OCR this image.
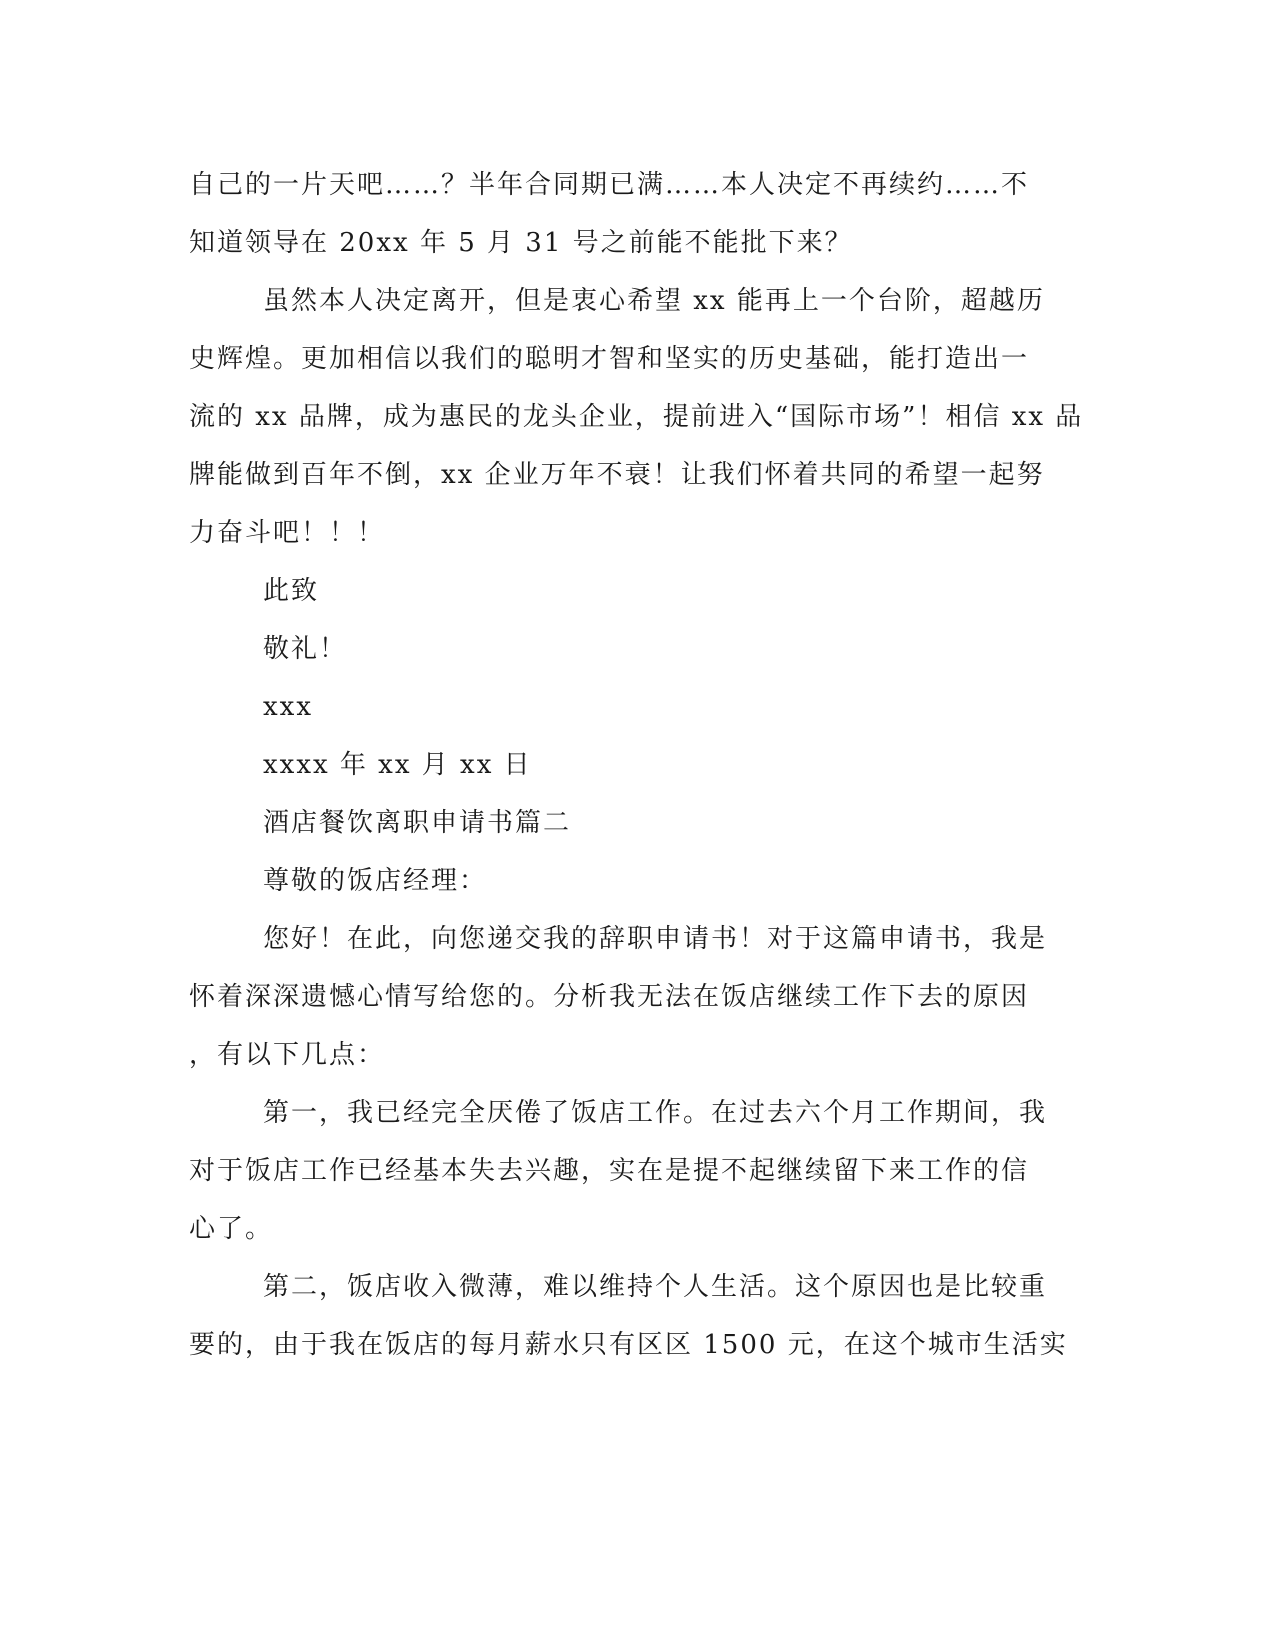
自己的一片天吧……？半年合同期已满……本人决定不再续约……不
知道领导在 20xx 年 5 月 31 号之前能不能批下来？
虽然本人决定离开，但是衷心希望 xx 能再上一个台阶，超越历
史辉煌。更加相信以我们的聪明才智和坚实的历史基础，能打造出一
流的 xx 品牌，成为惠民的龙头企业，提前进入“国际市场”！相信 xx 品
牌能做到百年不倒，xx 企业万年不衰！让我们怀着共同的希望一起努
力奋斗吧！！！
此致
敬礼！
xxx
xxxx 年 xx 月 xx 日
酒店餐饮离职申请书篇二
尊敬的饭店经理：
您好！在此，向您递交我的辞职申请书！对于这篇申请书，我是
怀着深深遗憾心情写给您的。分析我无法在饭店继续工作下去的原因
，有以下几点：
第一，我已经完全厌倦了饭店工作。在过去六个月工作期间，我
对于饭店工作已经基本失去兴趣，实在是提不起继续留下来工作的信
心了。
第二，饭店收入微薄，难以维持个人生活。这个原因也是比较重
要的，由于我在饭店的每月薪水只有区区 1500 元，在这个城市生活实
